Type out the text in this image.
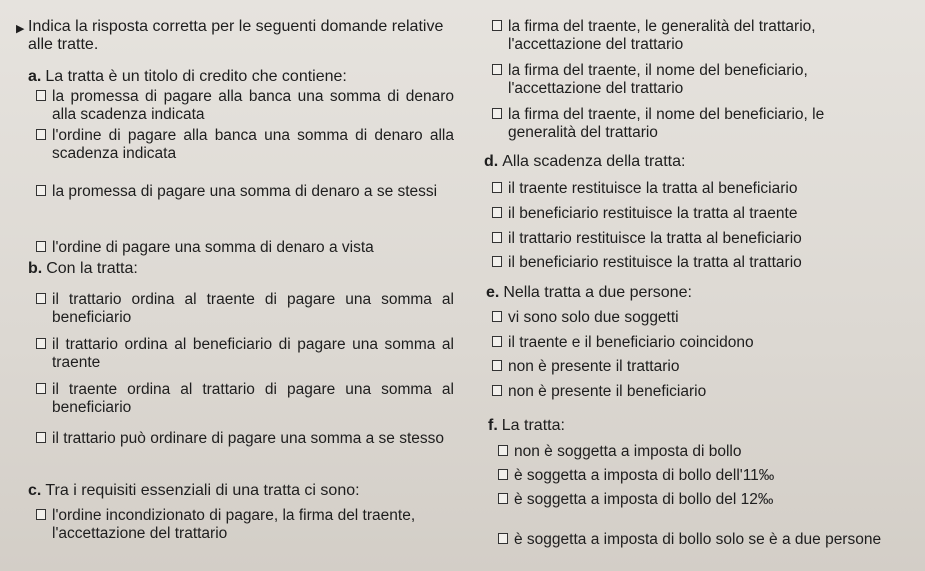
▶ Indica la risposta corretta per le seguenti domande relative alle tratte.
a. La tratta è un titolo di credito che contiene:
la promessa di pagare alla banca una somma di denaro alla scadenza indicata
l'ordine di pagare alla banca una somma di denaro alla scadenza indicata
la promessa di pagare una somma di denaro a se stessi
l'ordine di pagare una somma di denaro a vista
b. Con la tratta:
il trattario ordina al traente di pagare una somma al beneficiario
il trattario ordina al beneficiario di pagare una somma al traente
il traente ordina al trattario di pagare una somma al beneficiario
il trattario può ordinare di pagare una somma a se stesso
c. Tra i requisiti essenziali di una tratta ci sono:
l'ordine incondizionato di pagare, la firma del traente, l'accettazione del trattario
la firma del traente, le generalità del trattario, l'accettazione del trattario
la firma del traente, il nome del beneficiario, l'accettazione del trattario
la firma del traente, il nome del beneficiario, le generalità del trattario
d. Alla scadenza della tratta:
il traente restituisce la tratta al beneficiario
il beneficiario restituisce la tratta al traente
il trattario restituisce la tratta al beneficiario
il beneficiario restituisce la tratta al trattario
e. Nella tratta a due persone:
vi sono solo due soggetti
il traente e il beneficiario coincidono
non è presente il trattario
non è presente il beneficiario
f. La tratta:
non è soggetta a imposta di bollo
è soggetta a imposta di bollo dell'11‰
è soggetta a imposta di bollo del 12‰
è soggetta a imposta di bollo solo se è a due persone
